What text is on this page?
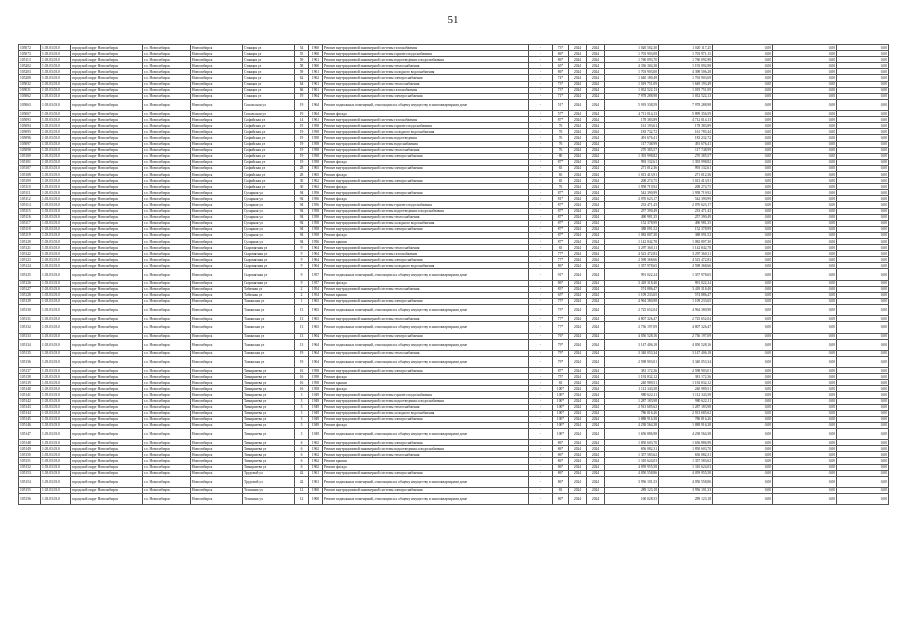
51
105072	1.03.03.03.0	городской округ Новосибирск	г.о. Новосибирск	Новосибирск	Станция ул	54	1960	Ремонт внутридомовой инженерной системы газоснабжения	-	73*	2024	2024	1 020 502,30	1 020 117,25	0,00	0,00	0,00
105073	1.03.03.03.0	городской округ Новосибирск	г.о. Новосибирск	Новосибирск	Станция ул	55	1960	Ремонт внутридомовой инженерной системы горячего водоснабжения	-	86*	2024	2024	1 703 903,08	1 703 971,15	0,00	0,00	0,00
105113	1.03.03.03.0	городской округ Новосибирск	г.о. Новосибирск	Новосибирск	Станция ул	59	1961	Ремонт внутридомовой инженерной системы водоотведения и водоснабжения	-	86*	2024	2024	1 760 093,70	1 760 092,98	0,00	0,00	0,00
105202	1.03.03.03.0	городской округ Новосибирск	г.о. Новосибирск	Новосибирск	Станция ул	58	1960	Ремонт внутридомовой инженерной системы теплоснабжения	-	65*	2024	2024	4 336 304,38	1 193 092,98	0,00	0,00	0,00
105203	1.03.03.03.0	городской округ Новосибирск	г.о. Новосибирск	Новосибирск	Станция ул	59	1961	Ремонт внутридомовой инженерной системы холодного водоснабжения	-	86*	2024	2024	1 703 903,00	4 398 506,28	0,00	0,00	0,00
105208	1.03.03.03.0	городской округ Новосибирск	г.о. Новосибирск	Новосибирск	Станция ул	62	1962	Ремонт внутридомовой инженерной системы электроснабжения	-	74*	2024	2024	1 640 180,49	1 703 903,69	0,00	0,00	0,00
105032	1.03.03.03.0	городской округ Новосибирск	г.о. Новосибирск	Новосибирск	Станция ул	64	1961	Ремонт внутридомовой инженерной системы теплоснабжения	-	73*	2024	2024	1 019 751,09	1 649 193,49	0,00	0,00	0,00
105031	1.03.03.03.0	городской округ Новосибирск	г.о. Новосибирск	Новосибирск	Станция ул	66	1961	Ремонт внутридомовой инженерной системы газоснабжения	-	73*	2024	2024	1 032 522,13	1 019 751,09	0,00	0,00	0,00
105062	1.03.03.03.0	городской округ Новосибирск	г.о. Новосибирск	Новосибирск	Станция ул	19	1964	Ремонт внутридомовой инженерной системы электроснабжения	-	71*	2024	2024	7 978 288,98	1 032 522,13	0,00	0,00	0,00
105063	1.03.03.03.0	городской округ Новосибирск	г.о. Новосибирск	Новосибирск	Сокольская ул	19	1964	Ремонт подвальных помещений, относящихся к общему имуществу в многоквартирном доме	-	51*	2024	2024	5 919 338,59	7 978 288,98	0,00	0,00	0,00
105067	1.03.03.03.0	городской округ Новосибирск	г.о. Новосибирск	Новосибирск	Сокольская ул	19	1964	Ремонт фасада	-	57*	2024	2024	4 711 014,13	5 899 356,59	0,00	0,00	0,00
105093	1.03.03.03.0	городской округ Новосибирск	г.о. Новосибирск	Новосибирск	Софийская ул	14	1961	Ремонт внутридомовой инженерной системы газоснабжения	-	87*	2024	2024	178 383,89	4 712 014,13	0,00	0,00	0,00
105094	1.03.03.03.0	городской округ Новосибирск	г.о. Новосибирск	Новосибирск	Софийская ул	19	1958	Ремонт внутридомовой инженерной системы горячего водоснабжения	-	76	2024	2024	161 193,61	178 383,89	0,00	0,00	0,00
105095	1.03.03.03.0	городской округ Новосибирск	г.о. Новосибирск	Новосибирск	Софийская ул	19	1958	Ремонт внутридомовой инженерной системы холодного водоснабжения	-	76	2024	2024	183 732,72	161 785,44	0,00	0,00	0,00
105096	1.03.03.03.0	городской округ Новосибирск	г.о. Новосибирск	Новосибирск	Софийская ул	19	1958	Ремонт внутридомовой инженерной системы водоотведения	-	76	2024	2024	491 676,41	183 232,72	0,00	0,00	0,00
105097	1.03.03.03.0	городской округ Новосибирск	г.о. Новосибирск	Новосибирск	Софийская ул	19	1958	Ремонт внутридомовой инженерной системы водоснабжения	-	76	2024	2024	117 748,99	491 676,41	0,00	0,00	0,00
105098	1.03.03.03.0	городской округ Новосибирск	г.о. Новосибирск	Новосибирск	Софийская ул	19	1958	Ремонт внутридомовой инженерной системы теплоснабжения	-	76	2024	2024	270 385,57	117 748,99	0,00	0,00	0,00
105100	1.03.03.03.0	городской округ Новосибирск	г.о. Новосибирск	Новосибирск	Софийская ул	19	1958	Ремонт внутридомовой инженерной системы электроснабжения	-	80	2024	2024	1 393 998,82	270 385,57	0,00	0,00	0,00
105101	1.03.03.03.0	городской округ Новосибирск	г.о. Новосибирск	Новосибирск	Софийская ул	19	1958	Ремонт фасада	-	87*	2024	2024	993 132,61	1 393 998,82	0,00	0,00	0,00
105107	1.03.03.03.0	городской округ Новосибирск	г.о. Новосибирск	Новосибирск	Софийская ул	28	1965	Ремонт внутридомовой инженерной системы электроснабжения	-	65	2024	2024	271 012,36	993 132,61	0,00	0,00	0,00
105108	1.03.03.03.0	городской округ Новосибирск	г.о. Новосибирск	Новосибирск	Софийская ул	28	1965	Ремонт фасада	-	65	2024	2024	1 013 413,91	271 012,36	0,00	0,00	0,00
105109	1.03.03.03.0	городской округ Новосибирск	г.о. Новосибирск	Новосибирск	Софийская ул	30	1962	Ремонт внутридомовой инженерной системы электроснабжения	-	65	2024	2024	208 274,75	1 013 413,91	0,00	0,00	0,00
105110	1.03.03.03.0	городской округ Новосибирск	г.о. Новосибирск	Новосибирск	Софийская ул	30	1962	Ремонт фасада	-	76	2024	2024	1 958 719,92	208 274,75	0,00	0,00	0,00
105111	1.03.03.03.0	городской округ Новосибирск	г.о. Новосибирск	Новосибирск	Сухарная ул	94	1956	Ремонт внутридомовой инженерной системы электроснабжения	-	87*	2024	2024	542 390,99	1 958 719,92	0,00	0,00	0,00
105112	1.03.03.03.0	городской округ Новосибирск	г.о. Новосибирск	Новосибирск	Сухарная ул	94	1956	Ремонт фасада	-	81*	2024	2024	2 070 623,17	542 390,99	0,00	0,00	0,00
105114	1.03.03.03.0	городской округ Новосибирск	г.о. Новосибирск	Новосибирск	Сухарная ул	94	1956	Ремонт внутридомовой инженерной системы горячего водоснабжения	-	87*	2024	2024	233 471,43	2 070 623,17	0,00	0,00	0,00
105115	1.03.03.03.0	городской округ Новосибирск	г.о. Новосибирск	Новосибирск	Сухарная ул	94	1958	Ремонт внутридомовой инженерной системы водоотведения и водоснабжения	-	87*	2024	2024	257 390,49	233 471,43	0,00	0,00	0,00
105116	1.03.03.03.0	городской округ Новосибирск	г.о. Новосибирск	Новосибирск	Сухарная ул	94	1958	Ремонт внутридомовой инженерной системы теплоснабжения	-	87*	2024	2024	490 981,35	257 390,49	0,00	0,00	0,00
105117	1.03.03.03.0	городской округ Новосибирск	г.о. Новосибирск	Новосибирск	Сухарная ул	94	1958	Ремонт внутридомовой инженерной системы холодного водоснабжения	-	87*	2024	2024	152 378,99	490 981,35	0,00	0,00	0,00
105118	1.03.03.03.0	городской округ Новосибирск	г.о. Новосибирск	Новосибирск	Сухарная ул	94	1958	Ремонт внутридомовой инженерной системы электроснабжения	-	87*	2024	2024	388 091,52	152 378,99	0,00	0,00	0,00
105119	1.03.03.03.0	городской округ Новосибирск	г.о. Новосибирск	Новосибирск	Сухарная ул	94	1958	Ремонт фасада	-	87*	2024	2024	1 082 807,30	388 091,52	0,00	0,00	0,00
105120	1.03.03.03.0	городской округ Новосибирск	г.о. Новосибирск	Новосибирск	Сухарная ул	94	1956	Ремонт крыши	-	87*	2024	2024	1 142 842,78	1 082 807,30	0,00	0,00	0,00
105121	1.03.03.03.0	городской округ Новосибирск	г.о. Новосибирск	Новосибирск	Сыромятная ул	9	1964	Ремонт внутридомовой инженерной системы теплоснабжения	-	65	2024	2024	3 297 360,11	1 142 842,78	0,00	0,00	0,00
105122	1.03.03.03.0	городской округ Новосибирск	г.о. Новосибирск	Новосибирск	Сыромятная ул	9	1964	Ремонт внутридомовой инженерной системы газоснабжения	-	77*	2024	2024	4 523 472,83	3 297 360,11	0,00	0,00	0,00
105123	1.03.03.03.0	городской округ Новосибирск	г.о. Новосибирск	Новосибирск	Сыромятная ул	9	1964	Ремонт внутридомовой инженерной системы электроснабжения	-	77*	2024	2024	2 598 368,66	4 523 472,83	0,00	0,00	0,00
105124	1.03.03.03.0	городской округ Новосибирск	г.о. Новосибирск	Новосибирск	Сыромятная ул	9	1964	Ремонт внутридомовой инженерной системы холодного водоснабжения	-	86*	2024	2024	1 357 978,65	2 598 368,66	0,00	0,00	0,00
105125	1.03.03.03.0	городской округ Новосибирск	г.о. Новосибирск	Новосибирск	Сыромятная ул	9	1957	Ремонт подвальных помещений, относящихся к общему имуществу в многоквартирном доме	-	91*	2024	2024	991 022,24	1 357 978,65	0,00	0,00	0,00
105126	1.03.03.03.0	городской округ Новосибирск	г.о. Новосибирск	Новосибирск	Сыромятная ул	9	1957	Ремонт фасада	-	86*	2024	2024	3 418 318,40	991 022,24	0,00	0,00	0,00
105127	1.03.03.03.0	городской округ Новосибирск	г.о. Новосибирск	Новосибирск	Табачная ул	2	1954	Ремонт внутридомовой инженерной системы теплоснабжения	-	83*	2024	2024	574 886,47	3 418 318,40	0,00	0,00	0,00
105128	1.03.03.03.0	городской округ Новосибирск	г.о. Новосибирск	Новосибирск	Табачная ул	2	1954	Ремонт крыши	-	65*	2024	2024	1 109 233,65	574 886,47	0,00	0,00	0,00
105129	1.03.03.03.0	городской округ Новосибирск	г.о. Новосибирск	Новосибирск	Таманская ул	1	1963	Ремонт внутридомовой инженерной системы электроснабжения	-	75*	2024	2024	4 964 380,98	1 109 233,65	0,00	0,00	0,00
105130	1.03.03.03.0	городской округ Новосибирск	г.о. Новосибирск	Новосибирск	Таманская ул	13	1963	Ремонт подвальных помещений, относящихся к общему имуществу в многоквартирном доме	-	75*	2024	2024	2 725 652,04	4 964 380,98	0,00	0,00	0,00
105131	1.03.03.03.0	городской округ Новосибирск	г.о. Новосибирск	Новосибирск	Таманская ул	13	1963	Ремонт внутридомовой инженерной системы теплоснабжения	-	77*	2024	2024	4 807 326,47	2 725 652,04	0,00	0,00	0,00
105132	1.03.03.03.0	городской округ Новосибирск	г.о. Новосибирск	Новосибирск	Таманская ул	13	1963	Ремонт подвальных помещений, относящихся к общему имуществу в многоквартирном доме	-	77*	2024	2024	2 736 197,09	4 807 326,47	0,00	0,00	0,00
105133	1.03.03.03.0	городской округ Новосибирск	г.о. Новосибирск	Новосибирск	Таманская ул	13	1964	Ремонт внутридомовой инженерной системы электроснабжения	-	76*	2024	2024	4 050 528,16	2 736 197,09	0,00	0,00	0,00
105134	1.03.03.03.0	городской округ Новосибирск	г.о. Новосибирск	Новосибирск	Таманская ул	13	1964	Ремонт подвальных помещений, относящихся к общему имуществу в многоквартирном доме	-	79*	2024	2024	3 147 406,18	4 050 528,16	0,00	0,00	0,00
105135	1.03.03.03.0	городской округ Новосибирск	г.о. Новосибирск	Новосибирск	Таманская ул	19	1964	Ремонт внутридомовой инженерной системы теплоснабжения	-	79*	2024	2024	3 340 053,34	3 147 406,18	0,00	0,00	0,00
105136	1.03.03.03.0	городской округ Новосибирск	г.о. Новосибирск	Новосибирск	Таманская ул	19	1964	Ремонт подвальных помещений, относящихся к общему имуществу в многоквартирном доме	-	79*	2024	2024	2 598 903,01	3 340 053,34	0,00	0,00	0,00
105137	1.03.03.03.0	городской округ Новосибирск	г.о. Новосибирск	Новосибирск	Тимирязева ул	16	1958	Ремонт внутридомовой инженерной системы электроснабжения	-	87*	2024	2024	381 172,36	2 598 903,01	0,00	0,00	0,00
105138	1.03.03.03.0	городской округ Новосибирск	г.о. Новосибирск	Новосибирск	Тимирязева ул	16	1958	Ремонт фасада	-	75*	2024	2024	1 192 832,12	381 172,36	0,00	0,00	0,00
105139	1.03.03.03.0	городской округ Новосибирск	г.о. Новосибирск	Новосибирск	Тимирязева ул	16	1958	Ремонт крыши	-	65	2024	2024	240 989,51	1 192 832,12	0,00	0,00	0,00
105140	1.03.03.03.0	городской округ Новосибирск	г.о. Новосибирск	Новосибирск	Тимирязева ул	16	1958	Ремонт фасада	-	100*	2024	2024	1 112 343,58	240 989,51	0,00	0,00	0,00
105141	1.03.03.03.0	городской округ Новосибирск	г.о. Новосибирск	Новосибирск	Тимирязева ул	3	1949	Ремонт внутридомовой инженерной системы горячего водоснабжения	-	100*	2024	2024	980 622,11	1 112 343,58	0,00	0,00	0,00
105142	1.03.03.03.0	городской округ Новосибирск	г.о. Новосибирск	Новосибирск	Тимирязева ул	3	1949	Ремонт внутридомовой инженерной системы водоотведения и водоснабжения	-	100*	2024	2024	1 287 183,98	980 622,11	0,00	0,00	0,00
105143	1.03.03.03.0	городской округ Новосибирск	г.о. Новосибирск	Новосибирск	Тимирязева ул	3	1949	Ремонт внутридомовой инженерной системы теплоснабжения	-	100*	2024	2024	2 913 685,62	1 287 183,98	0,00	0,00	0,00
105144	1.03.03.03.0	городской округ Новосибирск	г.о. Новосибирск	Новосибирск	Тимирязева ул	3	1949	Ремонт внутридомовой инженерной системы холодного водоснабжения	-	100*	2024	2024	786 816,26	2 913 685,62	0,00	0,00	0,00
105145	1.03.03.03.0	городской округ Новосибирск	г.о. Новосибирск	Новосибирск	Тимирязева ул	3	1949	Ремонт внутридомовой инженерной системы электроснабжения	-	100*	2024	2024	1 888 916,38	786 816,26	0,00	0,00	0,00
105146	1.03.03.03.0	городской округ Новосибирск	г.о. Новосибирск	Новосибирск	Тимирязева ул	3	1949	Ремонт фасада	-	100*	2024	2024	4 238 564,38	1 888 916,38	0,00	0,00	0,00
105147	1.03.03.03.0	городской округ Новосибирск	г.о. Новосибирск	Новосибирск	Тимирязева ул	3	1949	Ремонт подвальных помещений, относящихся к общему имуществу в многоквартирном доме	-	100*	2024	2024	1 656 886,98	4 238 564,38	0,00	0,00	0,00
105148	1.03.03.03.0	городской округ Новосибирск	г.о. Новосибирск	Новосибирск	Тимирязева ул	6	1962	Ремонт внутридомовой инженерной системы электроснабжения	-	86*	2024	2024	1 850 603,70	1 656 886,98	0,00	0,00	0,00
105149	1.03.03.03.0	городской округ Новосибирск	г.о. Новосибирск	Новосибирск	Тимирязева ул	6	1962	Ремонт внутридомовой инженерной системы водоотведения и водоснабжения	-	86*	2024	2024	656 082,31	1 850 603,70	0,00	0,00	0,00
105150	1.03.03.03.0	городской округ Новосибирск	г.о. Новосибирск	Новосибирск	Тимирязева ул	6	1962	Ремонт внутридомовой инженерной системы теплоснабжения	-	86*	2024	2024	1 357 583,62	656 082,31	0,00	0,00	0,00
105151	1.03.03.03.0	городской округ Новосибирск	г.о. Новосибирск	Новосибирск	Тимирязева ул	6	1962	Ремонт крыши	-	86*	2024	2024	1 310 624,03	1 357 583,62	0,00	0,00	0,00
105152	1.03.03.03.0	городской округ Новосибирск	г.о. Новосибирск	Новосибирск	Тимирязева ул	6	1962	Ремонт фасада	-	86*	2024	2024	4 059 955,58	1 310 624,03	0,00	0,00	0,00
105153	1.03.03.03.0	городской округ Новосибирск	г.о. Новосибирск	Новосибирск	Трудовой ул	42	1961	Ремонт внутридомовой инженерной системы электроснабжения	-	86*	2024	2024	4 050 558,86	4 059 955,58	0,00	0,00	0,00
105154	1.03.03.03.0	городской округ Новосибирск	г.о. Новосибирск	Новосибирск	Трудовой ул	42	1961	Ремонт подвальных помещений, относящихся к общему имуществу в многоквартирном доме	-	86*	2024	2024	3 956 101,33	4 050 558,86	0,00	0,00	0,00
105155	1.03.03.03.0	городской округ Новосибирск	г.о. Новосибирск	Новосибирск	Тельмана ул	12	1960	Ремонт внутридомовой инженерной системы электроснабжения	-	65	2024	2024	289 123,18	3 956 101,33	0,00	0,00	0,00
105156	1.03.03.03.0	городской округ Новосибирск	г.о. Новосибирск	Новосибирск	Тельмана ул	12	1960	Ремонт подвальных помещений, относящихся к общему имуществу в многоквартирном доме	-	86*	2024	2024	160 028,33	289 123,18	0,00	0,00	0,00
